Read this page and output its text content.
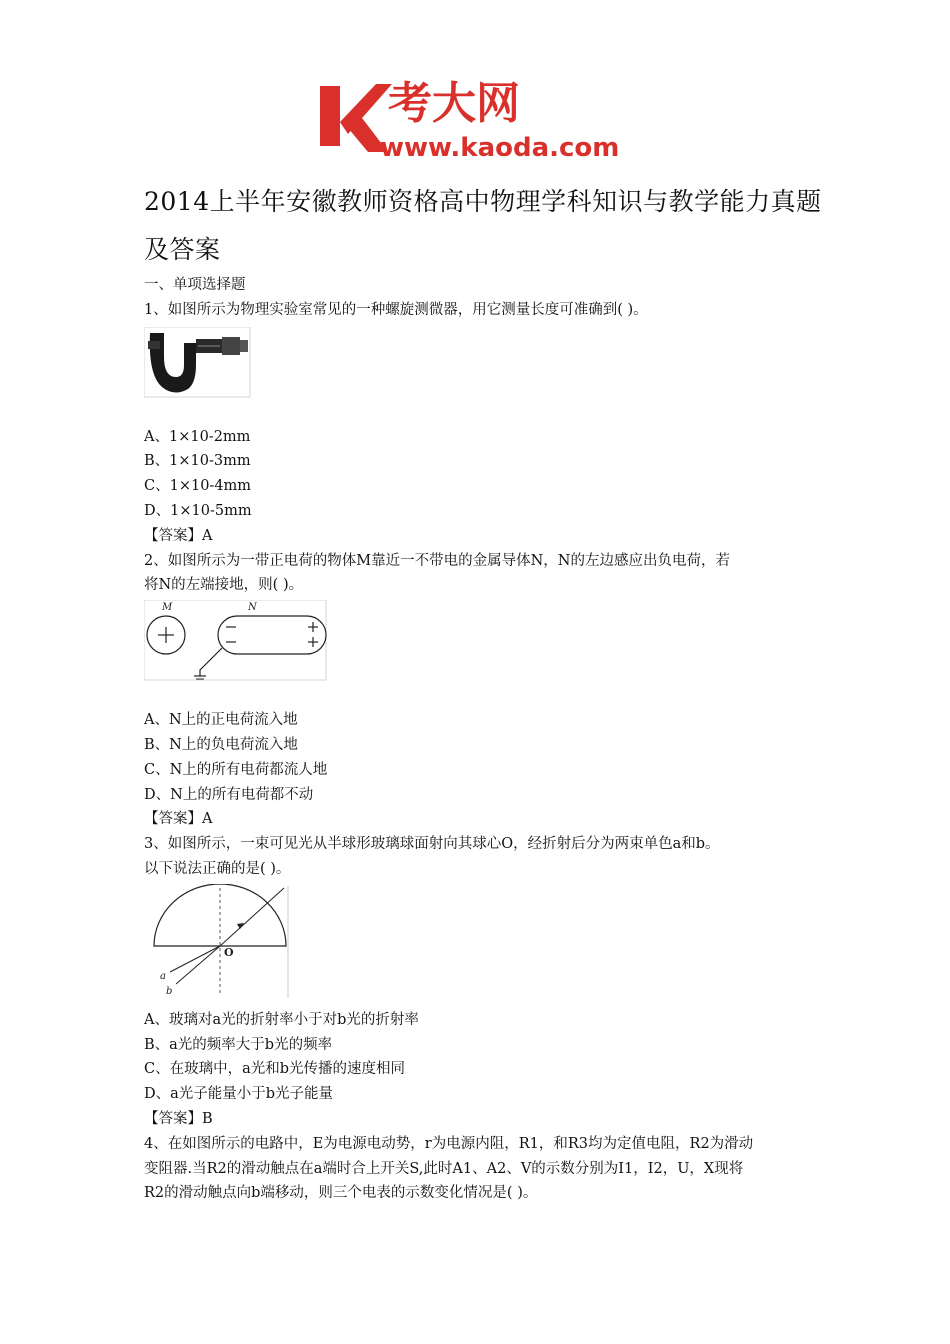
考大网
www.kaoda.com
2014上半年安徽教师资格高中物理学科知识与教学能力真题及答案
一、单项选择题
1、如图所示为物理实验室常见的一种螺旋测微器，用它测量长度可准确到( )。
A、1×10-2mm
B、1×10-3mm
C、1×10-4mm
D、1×10-5mm
【答案】A
2、如图所示为一带正电荷的物体M靠近一不带电的金属导体N，N的左边感应出负电荷，若
将N的左端接地，则( )。
M	N
A、N上的正电荷流入地
B、N上的负电荷流入地
C、N上的所有电荷都流人地
D、N上的所有电荷都不动
【答案】A
3、如图所示，一束可见光从半球形玻璃球面射向其球心O，经折射后分为两束单色a和b。
以下说法正确的是( )。
O
a
b
A、玻璃对a光的折射率小于对b光的折射率
B、a光的频率大于b光的频率
C、在玻璃中，a光和b光传播的速度相同
D、a光子能量小于b光子能量
【答案】B
4、在如图所示的电路中，E为电源电动势，r为电源内阻，R1，和R3均为定值电阻，R2为滑动
变阻器.当R2的滑动触点在a端时合上开关S,此时A1、A2、V的示数分别为I1，I2，U，X现将
R2的滑动触点向b端移动，则三个电表的示数变化情况是( )。
